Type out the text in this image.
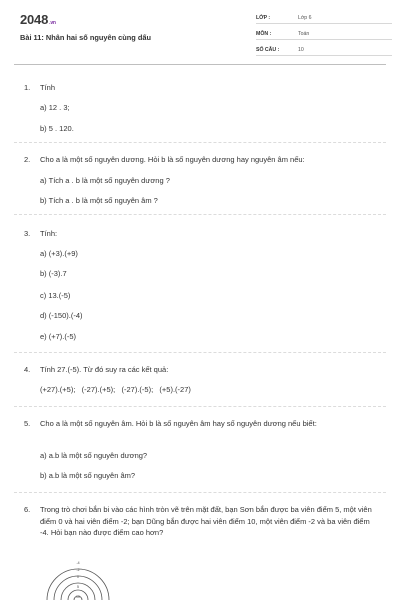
2048.vn
Bài 11: Nhân hai số nguyên cùng dấu
LỚP :	Lớp 6
MÔN :	Toán
SỐ CÂU :	10
1. Tính
a) 12 . 3;
b) 5 . 120.
2. Cho a là một số nguyên dương. Hỏi b là số nguyên dương hay nguyên âm nếu:
a) Tích a . b là một số nguyên dương ?
b) Tích a . b là một số nguyên âm ?
3. Tính:
a) (+3).(+9)
b) (-3).7
c) 13.(-5)
d) (-150).(-4)
e) (+7).(-5)
4. Tính 27.(-5). Từ đó suy ra các kết quả:
(+27).(+5);   (-27).(+5);   (-27).(-5);   (+5).(-27)
5. Cho a là một số nguyên âm. Hỏi b là số nguyên âm hay số nguyên dương nếu biết:
a) a.b là một số nguyên dương?
b) a.b là một số nguyên âm?
6. Trong trò chơi bắn bi vào các hình tròn vẽ trên mặt đất, bạn Sơn bắn được ba viên điểm 5, một viên điểm 0 và hai viên điểm -2; bạn Dũng bắn được hai viên điểm 10, một viên điểm -2 và ba viên điểm -4. Hỏi bạn nào được điểm cao hơn?
-4
-2
0
5
10
